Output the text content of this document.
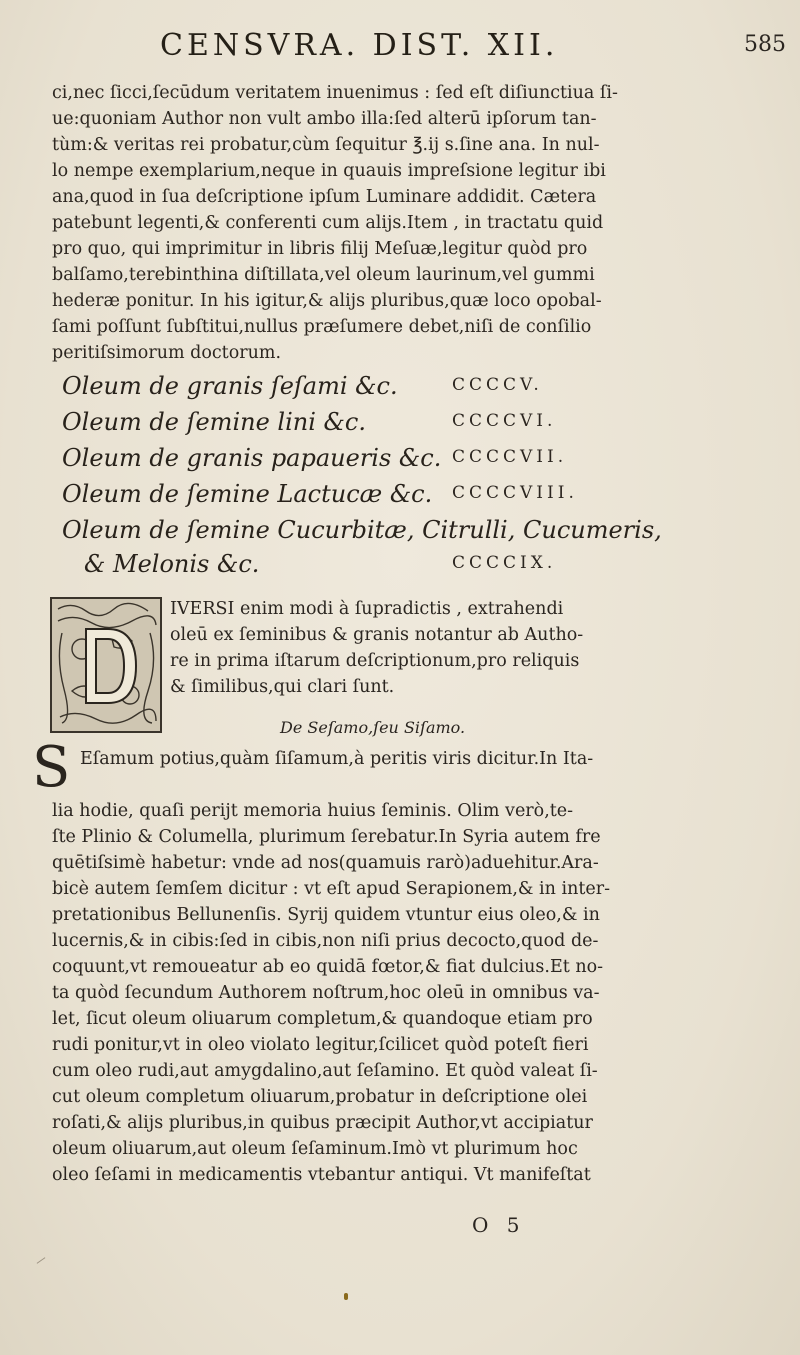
CENSVRA. DIST. XII.	585
ci,nec ſicci,ſecūdum veritatem inuenimus : ſed eſt diſiunctiua ſi-
ue:quoniam Author non vult ambo illa:ſed alterū ipſorum tan-
tùm:& veritas rei probatur,cùm ſequitur ℥.ij s.ſine ana. In nul-
lo nempe exemplarium,neque in quauis impreſsione legitur ibi
ana,quod in ſua deſcriptione ipſum Luminare addidit. Cætera
patebunt legenti,& conferenti cum alijs.Item , in tractatu quid
pro quo, qui imprimitur in libris filij Meſuæ,legitur quòd pro
balſamo,terebinthina diſtillata,vel oleum laurinum,vel gummi
hederæ ponitur. In his igitur,& alijs pluribus,quæ loco opobal-
ſami poſſunt ſubſtitui,nullus præſumere debet,niſi de conſilio
peritiſsimorum doctorum.
Oleum de granis ſeſami &c.	CCCCV.
Oleum de ſemine lini &c.	CCCCVI.
Oleum de granis papaueris &c. CCCCVII.
Oleum de ſemine Lactucæ &c. CCCCVIII.
Oleum de ſemine Cucurbitæ, Citrulli, Cucumeris,
& Melonis &c.	CCCCIX.
IVERSI enim modi à ſupradictis , extrahendi
oleū ex ſeminibus & granis notantur ab Autho-
re in prima iſtarum deſcriptionum,pro reliquis
& ſimilibus,qui clari ſunt.
De Seſamo,ſeu Siſamo.
S Eſamum potius,quàm ſiſamum,à peritis viris dicitur.In Ita-
lia hodie, quaſi perijt memoria huius ſeminis. Olim verò,te-
ſte Plinio & Columella, plurimum ſerebatur.In Syria autem fre
quētiſsimè habetur: vnde ad nos(quamuis rarò)aduehitur.Ara-
bicè autem ſemſem dicitur : vt eſt apud Serapionem,& in inter-
pretationibus Bellunenſis. Syrij quidem vtuntur eius oleo,& in
lucernis,& in cibis:ſed in cibis,non niſi prius decocto,quod de-
coquunt,vt remoueatur ab eo quidā fœtor,& fiat dulcius.Et no-
ta quòd ſecundum Authorem noſtrum,hoc oleū in omnibus va-
let, ſicut oleum oliuarum completum,& quandoque etiam pro
rudi ponitur,vt in oleo violato legitur,ſcilicet quòd poteſt fieri
cum oleo rudi,aut amygdalino,aut ſeſamino. Et quòd valeat ſi-
cut oleum completum oliuarum,probatur in deſcriptione olei
roſati,& alijs pluribus,in quibus præcipit Author,vt accipiatur
oleum oliuarum,aut oleum ſeſaminum.Imò vt plurimum hoc
oleo ſeſami in medicamentis vtebantur antiqui. Vt manifeſtat
O 5
